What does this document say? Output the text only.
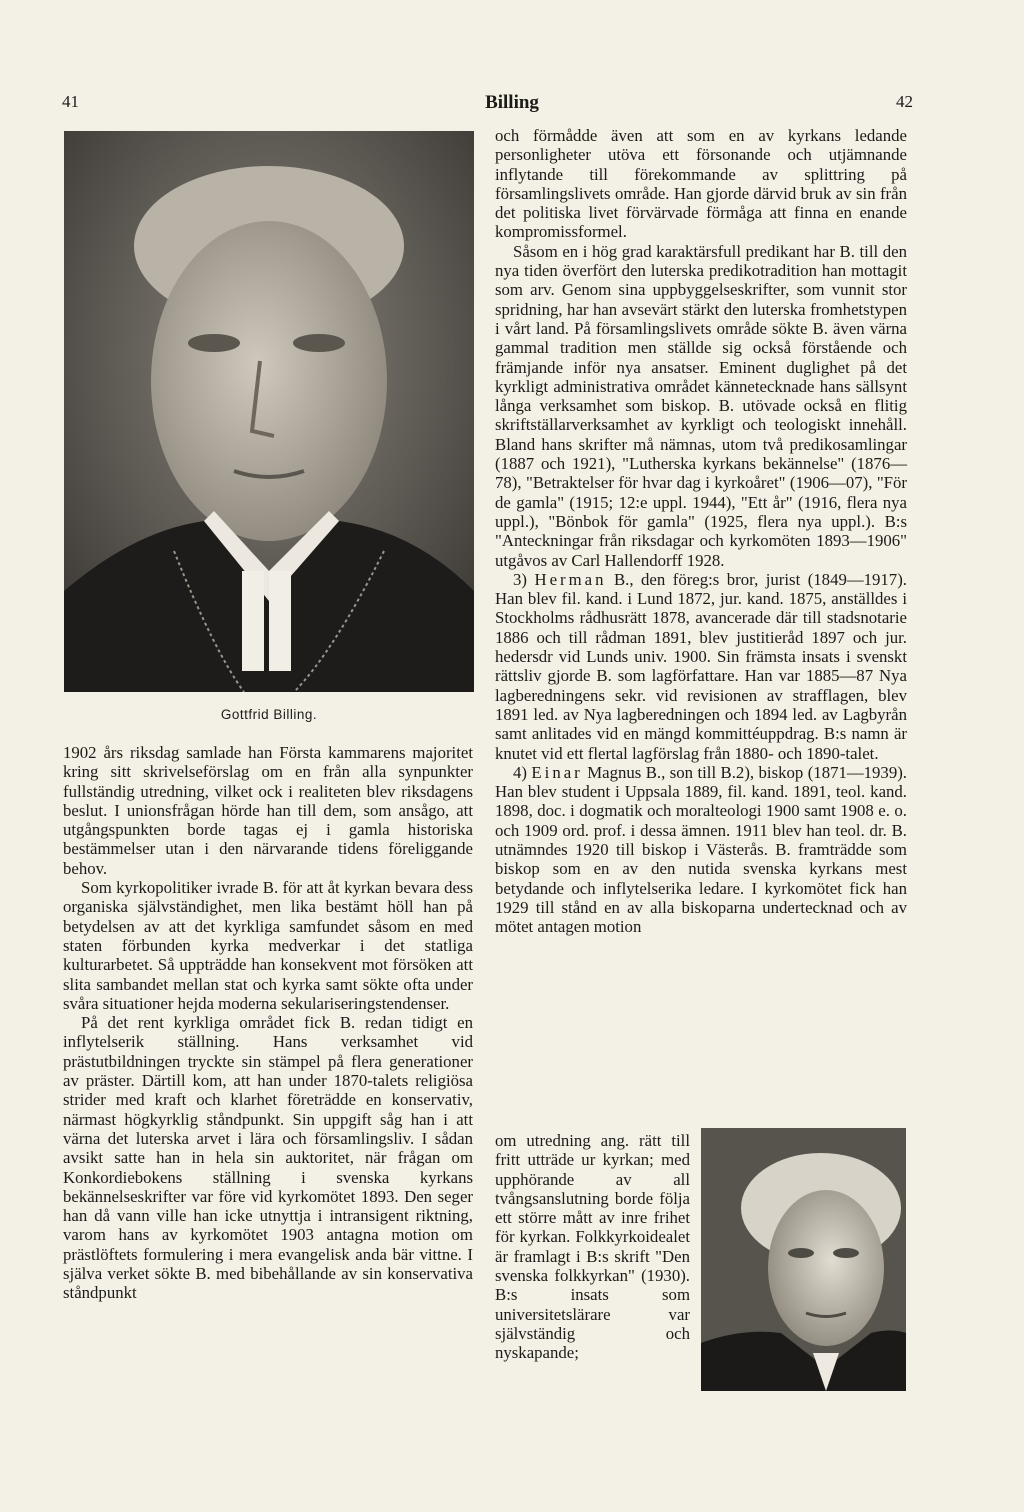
41	Billing	42
Gottfrid Billing.

1902 års riksdag samlade han Första kammarens majoritet kring sitt skrivelseförslag om en från alla synpunkter fullständig utredning, vilket ock i realiteten blev riksdagens beslut. I unionsfrågan hörde han till dem, som ansågo, att utgångspunkten borde tagas ej i gamla historiska bestämmelser utan i den närvarande tidens föreliggande behov.

Som kyrkopolitiker ivrade B. för att åt kyrkan bevara dess organiska självständighet, men lika bestämt höll han på betydelsen av att det kyrkliga samfundet såsom en med staten förbunden kyrka medverkar i det statliga kulturarbetet. Så uppträdde han konsekvent mot försöken att slita sambandet mellan stat och kyrka samt sökte ofta under svåra situationer hejda moderna sekulariseringstendenser.

På det rent kyrkliga området fick B. redan tidigt en inflytelserik ställning. Hans verksamhet vid prästutbildningen tryckte sin stämpel på flera generationer av präster. Därtill kom, att han under 1870-talets religiösa strider med kraft och klarhet företrädde en konservativ, närmast högkyrklig ståndpunkt. Sin uppgift såg han i att värna det luterska arvet i lära och församlingsliv. I sådan avsikt satte han in hela sin auktoritet, när frågan om Konkordiebokens ställning i svenska kyrkans bekännelseskrifter var före vid kyrkomötet 1893. Den seger han då vann ville han icke utnyttja i intransigent riktning, varom hans av kyrkomötet 1903 antagna motion om prästlöftets formulering i mera evangelisk anda bär vittne. I själva verket sökte B. med bibehållande av sin konservativa ståndpunkt

och förmådde även att som en av kyrkans ledande personligheter utöva ett försonande och utjämnande inflytande till förekommande av splittring på församlingslivets område. Han gjorde därvid bruk av sin från det politiska livet förvärvade förmåga att finna en enande kompromissformel.

Såsom en i hög grad karaktärsfull predikant har B. till den nya tiden överfört den luterska predikotradition han mottagit som arv. Genom sina uppbyggelseskrifter, som vunnit stor spridning, har han avsevärt stärkt den luterska fromhetstypen i vårt land. På församlingslivets område sökte B. även värna gammal tradition men ställde sig också förstående och främjande inför nya ansatser. Eminent duglighet på det kyrkligt administrativa området kännetecknade hans sällsynt långa verksamhet som biskop. B. utövade också en flitig skriftställarverksamhet av kyrkligt och teologiskt innehåll. Bland hans skrifter må nämnas, utom två predikosamlingar (1887 och 1921), "Lutherska kyrkans bekännelse" (1876—78), "Betraktelser för hvar dag i kyrkoåret" (1906—07), "För de gamla" (1915; 12:e uppl. 1944), "Ett år" (1916, flera nya uppl.), "Bönbok för gamla" (1925, flera nya uppl.). B:s "Anteckningar från riksdagar och kyrkomöten 1893—1906" utgåvos av Carl Hallendorff 1928.

3) Herman B., den föreg:s bror, jurist (1849—1917). Han blev fil. kand. i Lund 1872, jur. kand. 1875, anställdes i Stockholms rådhusrätt 1878, avancerade där till stadsnotarie 1886 och till rådman 1891, blev justitieråd 1897 och jur. hedersdr vid Lunds univ. 1900. Sin främsta insats i svenskt rättsliv gjorde B. som lagförfattare. Han var 1885—87 Nya lagberedningens sekr. vid revisionen av strafflagen, blev 1891 led. av Nya lagberedningen och 1894 led. av Lagbyrån samt anlitades vid en mängd kommittéuppdrag. B:s namn är knutet vid ett flertal lagförslag från 1880- och 1890-talet.

4) Einar Magnus B., son till B.2), biskop (1871—1939). Han blev student i Uppsala 1889, fil. kand. 1891, teol. kand. 1898, doc. i dogmatik och moralteologi 1900 samt 1908 e. o. och 1909 ord. prof. i dessa ämnen. 1911 blev han teol. dr. B. utnämndes 1920 till biskop i Västerås. B. framträdde som biskop som en av den nutida svenska kyrkans mest betydande och inflytelserika ledare. I kyrkomötet fick han 1929 till stånd en av alla biskoparna undertecknad och av mötet antagen motion

om utredning ang. rätt till fritt utträde ur kyrkan; med upphörande av all tvångsanslutning borde följa ett större mått av inre frihet för kyrkan. Folkkyrkoidealet är framlagt i B:s skrift "Den svenska folkkyrkan" (1930). B:s insats som universitetslärare var självständig och nyskapande;
